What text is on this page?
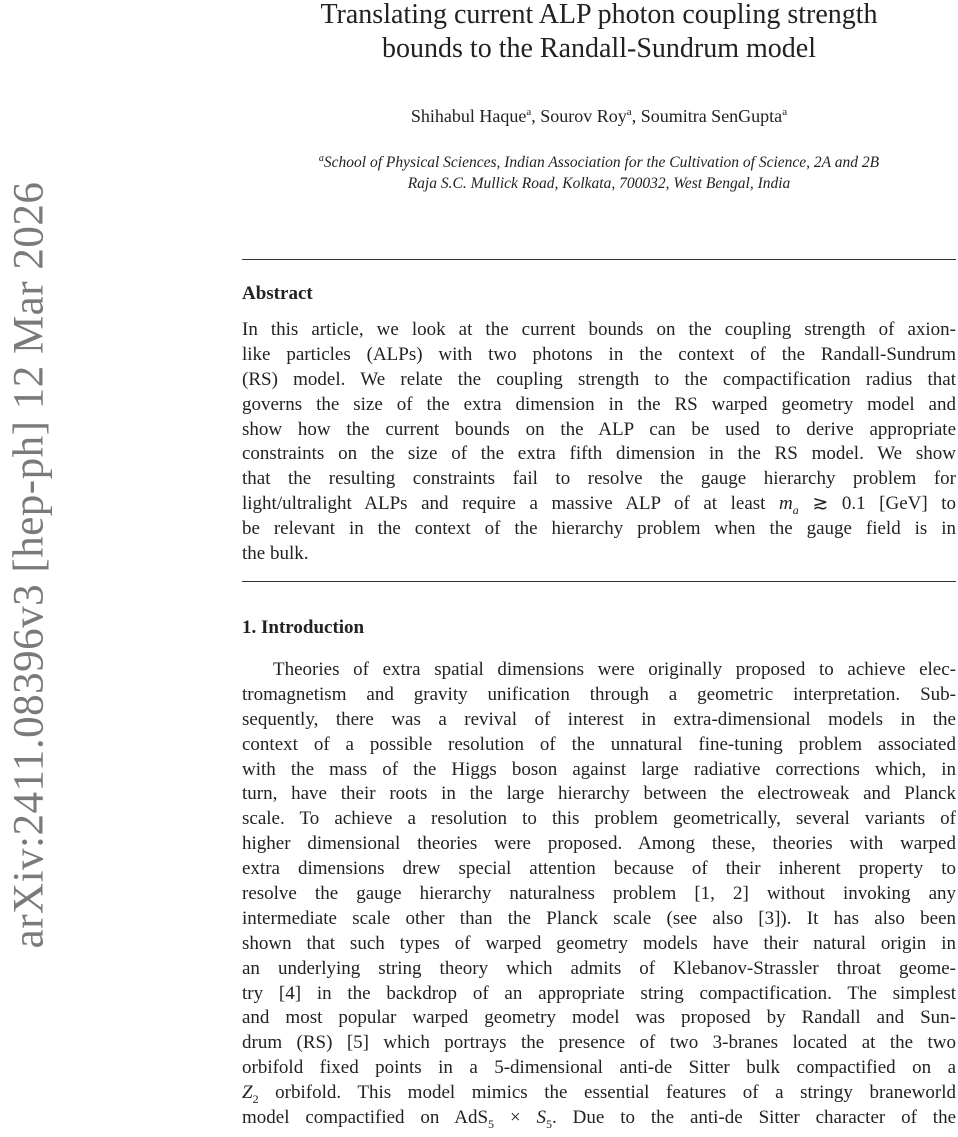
arXiv:2411.08396v3 [hep-ph] 12 Mar 2026
Translating current ALP photon coupling strength
bounds to the Randall-Sundrum model
Shihabul Haque$^a$, Sourov Roy$^a$, Soumitra SenGupta$^a$
$^a$School of Physical Sciences, Indian Association for the Cultivation of Science, 2A and 2B
Raja S.C. Mullick Road, Kolkata, 700032, West Bengal, India
Abstract
In this article, we look at the current bounds on the coupling strength of axion-
like particles (ALPs) with two photons in the context of the Randall-Sundrum
(RS) model. We relate the coupling strength to the compactification radius that
governs the size of the extra dimension in the RS warped geometry model and
show how the current bounds on the ALP can be used to derive appropriate
constraints on the size of the extra fifth dimension in the RS model. We show
that the resulting constraints fail to resolve the gauge hierarchy problem for
light/ultralight ALPs and require a massive ALP of at least $m_a$ ≳ 0.1 [GeV] to
be relevant in the context of the hierarchy problem when the gauge field is in
the bulk.
1. Introduction
Theories of extra spatial dimensions were originally proposed to achieve elec-
tromagnetism and gravity unification through a geometric interpretation. Sub-
sequently, there was a revival of interest in extra-dimensional models in the
context of a possible resolution of the unnatural fine-tuning problem associated
with the mass of the Higgs boson against large radiative corrections which, in
turn, have their roots in the large hierarchy between the electroweak and Planck
scale. To achieve a resolution to this problem geometrically, several variants of
higher dimensional theories were proposed. Among these, theories with warped
extra dimensions drew special attention because of their inherent property to
resolve the gauge hierarchy naturalness problem [1, 2] without invoking any
intermediate scale other than the Planck scale (see also [3]). It has also been
shown that such types of warped geometry models have their natural origin in
an underlying string theory which admits of Klebanov-Strassler throat geome-
try [4] in the backdrop of an appropriate string compactification. The simplest
and most popular warped geometry model was proposed by Randall and Sun-
drum (RS) [5] which portrays the presence of two 3-branes located at the two
orbifold fixed points in a 5-dimensional anti-de Sitter bulk compactified on a
$Z_2$ orbifold. This model mimics the essential features of a stringy braneworld
model compactified on $AdS_5 \times S_5$. Due to the anti-de Sitter character of the
